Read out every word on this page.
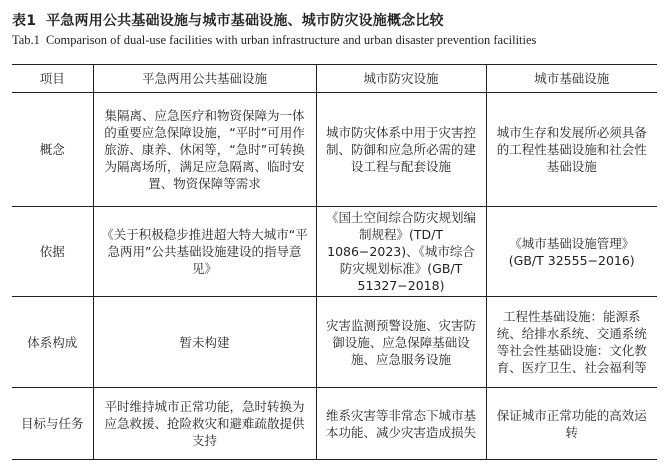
表1 平急两用公共基础设施与城市基础设施、城市防灾设施概念比较
Tab.1 Comparison of dual-use facilities with urban infrastructure and urban disaster prevention facilities
项目	平急两用公共基础设施	城市防灾设施	城市基础设施
概念	集隔离、应急医疗和物资保障为一体的重要应急保障设施，“平时”可用作旅游、康养、休闲等，“急时”可转换为隔离场所，满足应急隔离、临时安置、物资保障等需求	城市防灾体系中用于灾害控制、防御和应急所必需的建设工程与配套设施	城市生存和发展所必须具备的工程性基础设施和社会性基础设施
依据	《关于积极稳步推进超大特大城市“平急两用”公共基础设施建设的指导意见》	《国土空间综合防灾规划编制规程》(TD/T 1086−2023)、《城市综合防灾规划标准》(GB/T 51327−2018)	《城市基础设施管理》(GB/T 32555−2016)
体系构成	暂未构建	灾害监测预警设施、灾害防御设施、应急保障基础设施、应急服务设施	工程性基础设施：能源系统、给排水系统、交通系统等社会性基础设施：文化教育、医疗卫生、社会福利等
目标与任务	平时维持城市正常功能，急时转换为应急救援、抢险救灾和避难疏散提供支持	维系灾害等非常态下城市基本功能、减少灾害造成损失	保证城市正常功能的高效运转
